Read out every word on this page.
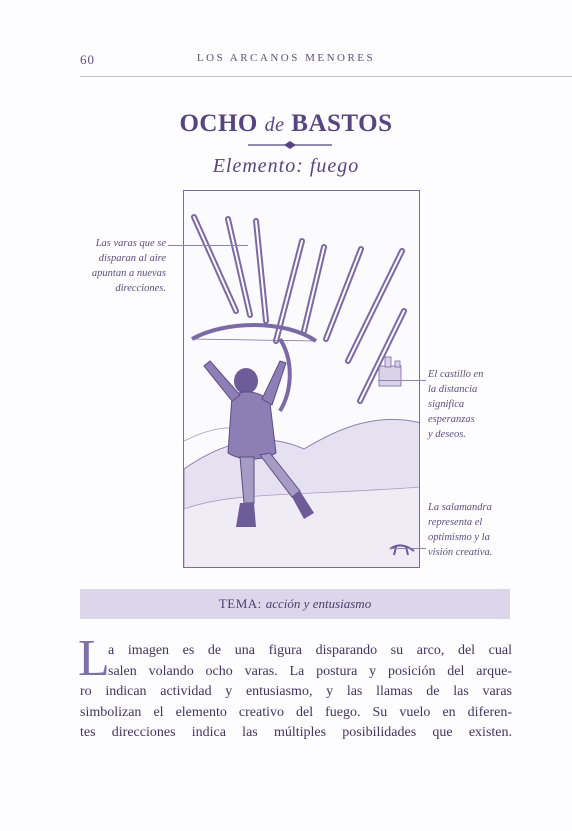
60	LOS ARCANOS MENORES
OCHO de BASTOS
Elemento: fuego
Las varas que se
disparan al aire
apuntan a nuevas
direcciones.
El castillo en
la distancia
significa
esperanzas
y deseos.
La salamandra
representa el
optimismo y la
visión creativa.
TEMA: acción y entusiasmo
L
a imagen es de una figura disparando su arco, del cual
salen volando ocho varas. La postura y posición del arque-
ro indican actividad y entusiasmo, y las llamas de las varas
simbolizan el elemento creativo del fuego. Su vuelo en diferen-
tes direcciones indica las múltiples posibilidades que existen.
